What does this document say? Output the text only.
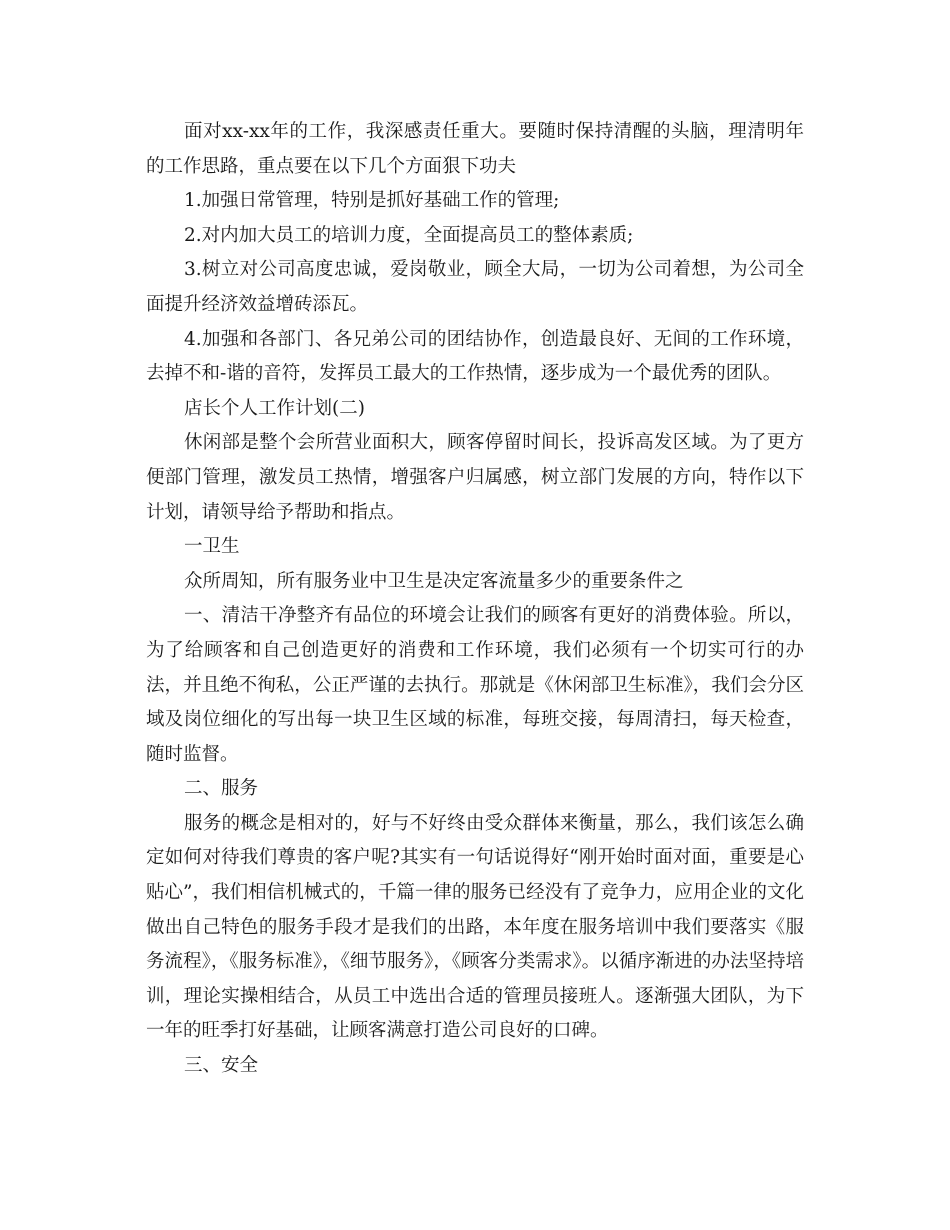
面对xx-xx年的工作，我深感责任重大。要随时保持清醒的头脑，理清明年的工作思路，重点要在以下几个方面狠下功夫

1.加强日常管理，特别是抓好基础工作的管理;

2.对内加大员工的培训力度，全面提高员工的整体素质;

3.树立对公司高度忠诚，爱岗敬业，顾全大局，一切为公司着想，为公司全面提升经济效益增砖添瓦。

4.加强和各部门、各兄弟公司的团结协作，创造最良好、无间的工作环境，去掉不和-谐的音符，发挥员工最大的工作热情，逐步成为一个最优秀的团队。

店长个人工作计划(二)

休闲部是整个会所营业面积大，顾客停留时间长，投诉高发区域。为了更方便部门管理，激发员工热情，增强客户归属感，树立部门发展的方向，特作以下计划，请领导给予帮助和指点。

一卫生

众所周知，所有服务业中卫生是决定客流量多少的重要条件之

一、清洁干净整齐有品位的环境会让我们的顾客有更好的消费体验。所以，为了给顾客和自己创造更好的消费和工作环境，我们必须有一个切实可行的办法，并且绝不徇私，公正严谨的去执行。那就是《休闲部卫生标准》，我们会分区域及岗位细化的写出每一块卫生区域的标准，每班交接，每周清扫，每天检查，随时监督。

二、服务

服务的概念是相对的，好与不好终由受众群体来衡量，那么，我们该怎么确定如何对待我们尊贵的客户呢?其实有一句话说得好“刚开始时面对面，重要是心贴心”，我们相信机械式的，千篇一律的服务已经没有了竞争力，应用企业的文化做出自己特色的服务手段才是我们的出路，本年度在服务培训中我们要落实《服务流程》，《服务标准》，《细节服务》，《顾客分类需求》。以循序渐进的办法坚持培训，理论实操相结合，从员工中选出合适的管理员接班人。逐渐强大团队，为下一年的旺季打好基础，让顾客满意打造公司良好的口碑。

三、安全
